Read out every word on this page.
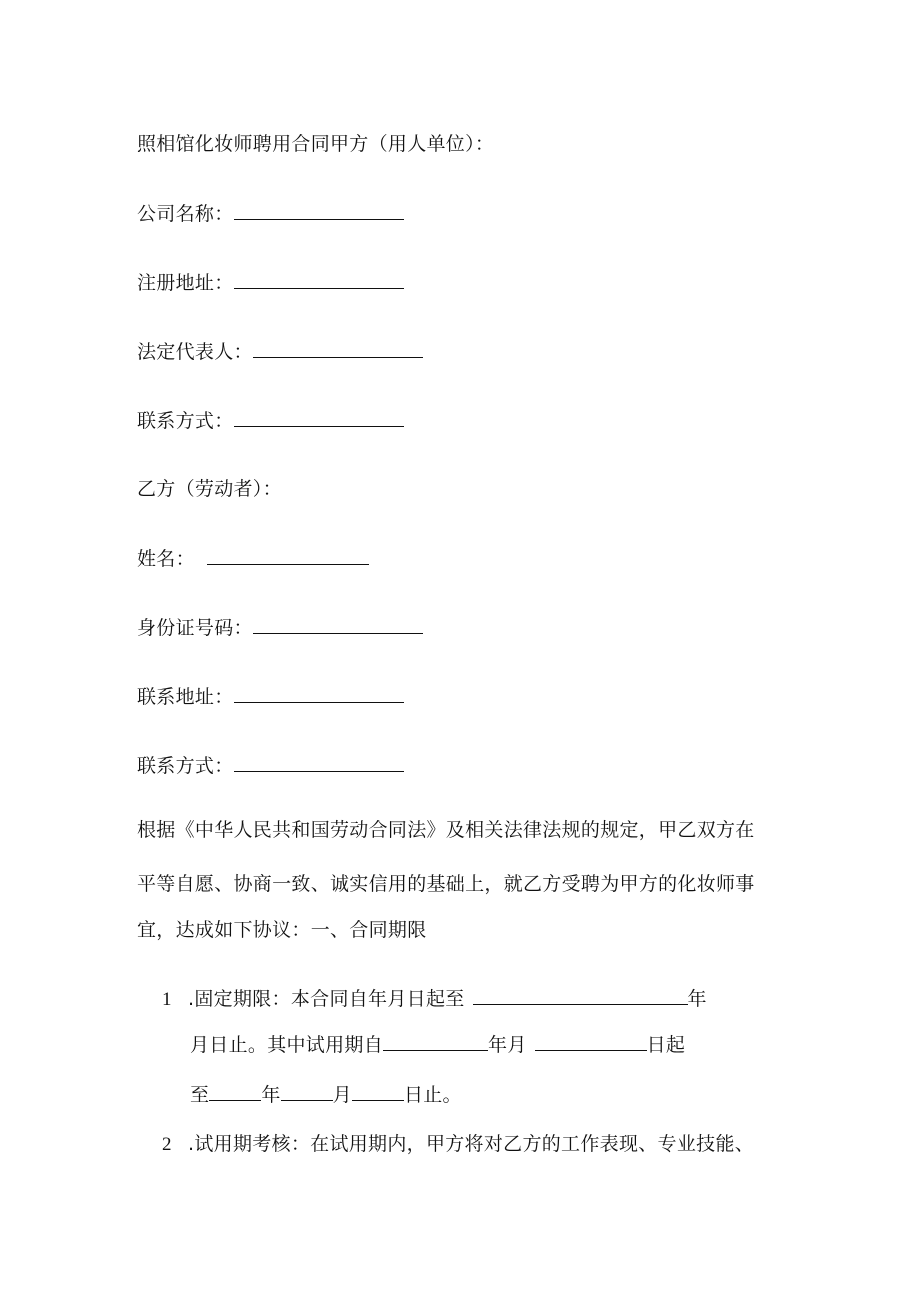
照相馆化妆师聘用合同甲方（用人单位）：
公司名称：
注册地址：
法定代表人：
联系方式：
乙方（劳动者）：
姓名：
身份证号码：
联系地址：
联系方式：
根据《中华人民共和国劳动合同法》及相关法律法规的规定，甲乙双方在
平等自愿、协商一致、诚实信用的基础上，就乙方受聘为甲方的化妆师事
宜，达成如下协议：一、合同期限
1 .固定期限：本合同自年月日起至	年
月日止。其中试用期自	年月	日起
至	年	月	日止。
2 .试用期考核：在试用期内，甲方将对乙方的工作表现、专业技能、
